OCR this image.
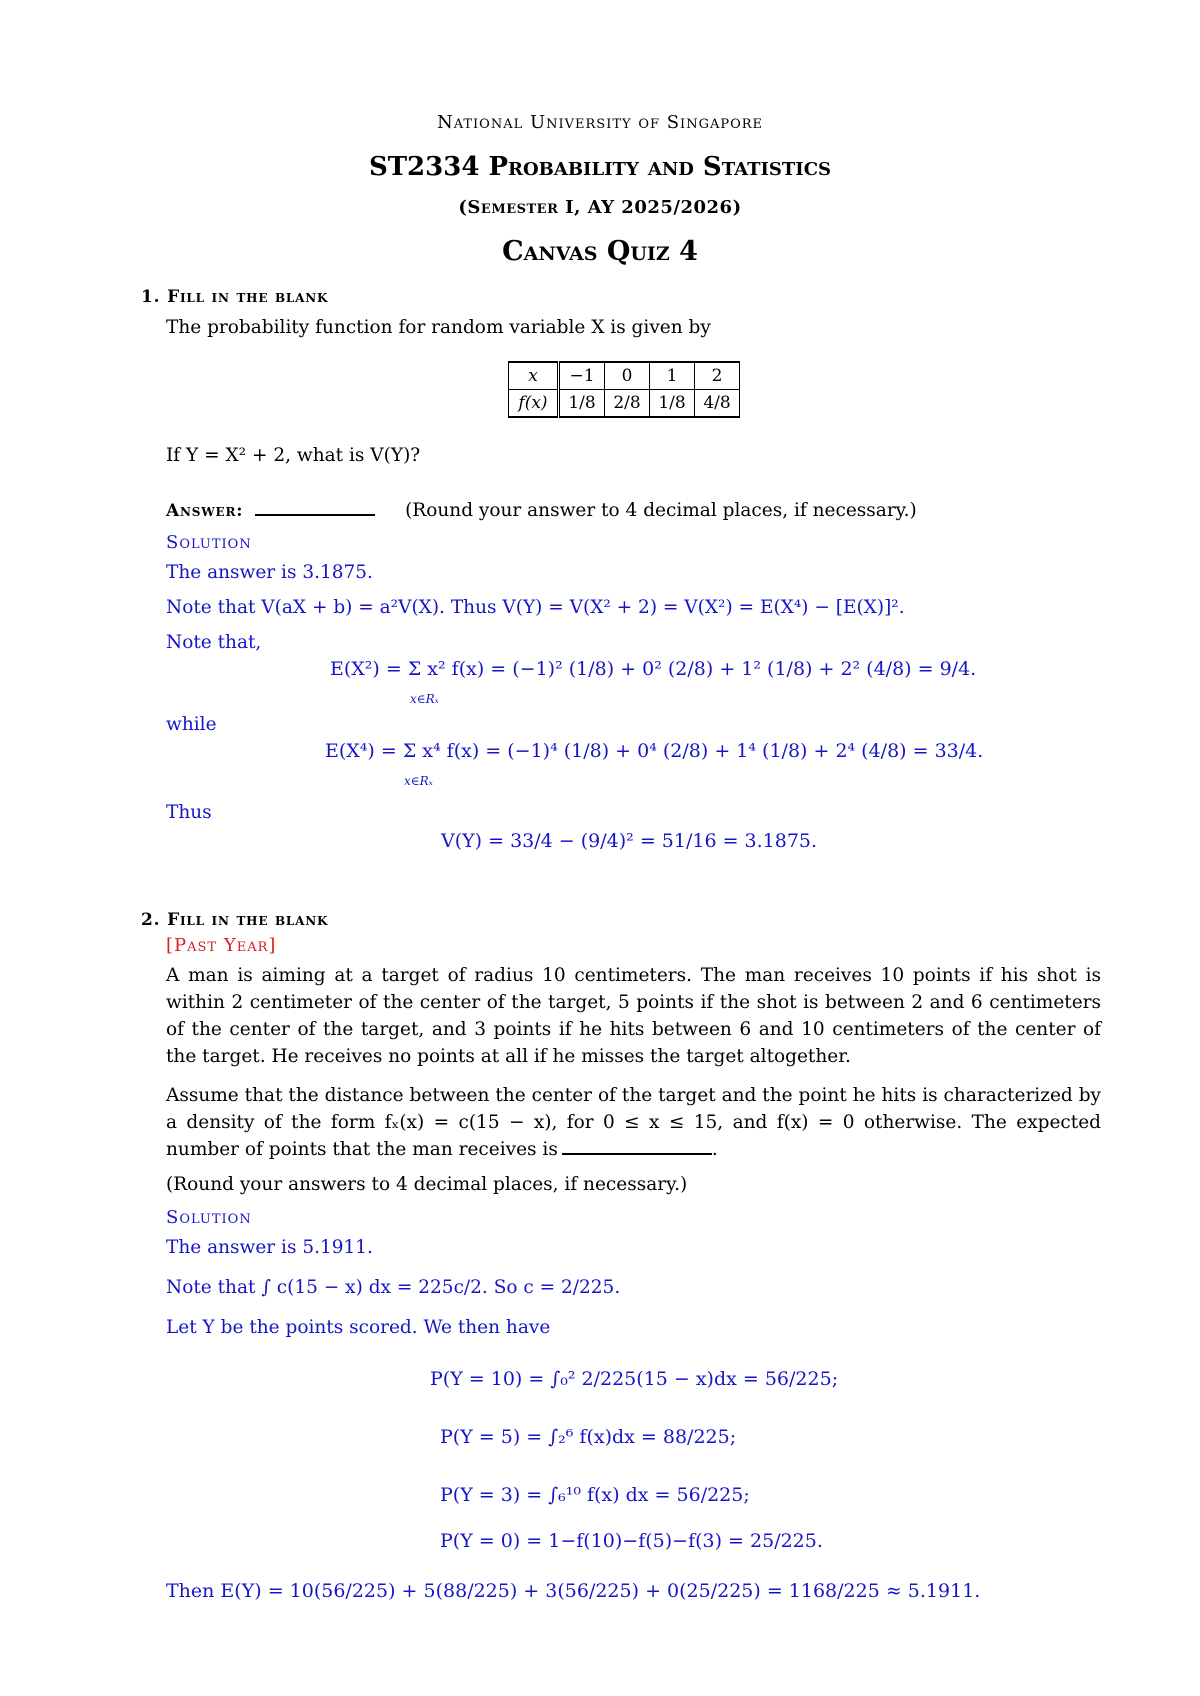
National University of Singapore
ST2334 Probability and Statistics
(Semester I, AY 2025/2026)
Canvas Quiz 4
1. Fill in the blank
The probability function for random variable X is given by
x	−1	0	1	2
f(x)	1/8	2/8	1/8	4/8
If Y = X² + 2, what is V(Y)?
Answer:	(Round your answer to 4 decimal places, if necessary.)
Solution
The answer is 3.1875.
Note that V(aX + b) = a²V(X). Thus V(Y) = V(X² + 2) = V(X²) = E(X⁴) − [E(X)]².
Note that,
E(X²) = Σ x² f(x) = (−1)² (1/8) + 0² (2/8) + 1² (1/8) + 2² (4/8) = 9/4.
x∈Rₓ
while
E(X⁴) = Σ x⁴ f(x) = (−1)⁴ (1/8) + 0⁴ (2/8) + 1⁴ (1/8) + 2⁴ (4/8) = 33/4.
x∈Rₓ
Thus
V(Y) = 33/4 − (9/4)² = 51/16 = 3.1875.
2. Fill in the blank
[Past Year]
A man is aiming at a target of radius 10 centimeters. The man receives 10 points if his shot is within 2 centimeter of the center of the target, 5 points if the shot is between 2 and 6 centimeters of the center of the target, and 3 points if he hits between 6 and 10 centimeters of the center of the target. He receives no points at all if he misses the target altogether.
Assume that the distance between the center of the target and the point he hits is characterized by a density of the form fₓ(x) = c(15 − x), for 0 ≤ x ≤ 15, and f(x) = 0 otherwise. The expected number of points that the man receives is	.
(Round your answers to 4 decimal places, if necessary.)
Solution
The answer is 5.1911.
Note that ∫ c(15 − x) dx = 225c/2. So c = 2/225.
Let Y be the points scored. We then have
P(Y = 10) = ∫₀² 2/225(15 − x)dx = 56/225;
P(Y = 5) = ∫₂⁶ f(x)dx = 88/225;
P(Y = 3) = ∫₆¹⁰ f(x) dx = 56/225;
P(Y = 0) = 1−f(10)−f(5)−f(3) = 25/225.
Then E(Y) = 10(56/225) + 5(88/225) + 3(56/225) + 0(25/225) = 1168/225 ≈ 5.1911.
